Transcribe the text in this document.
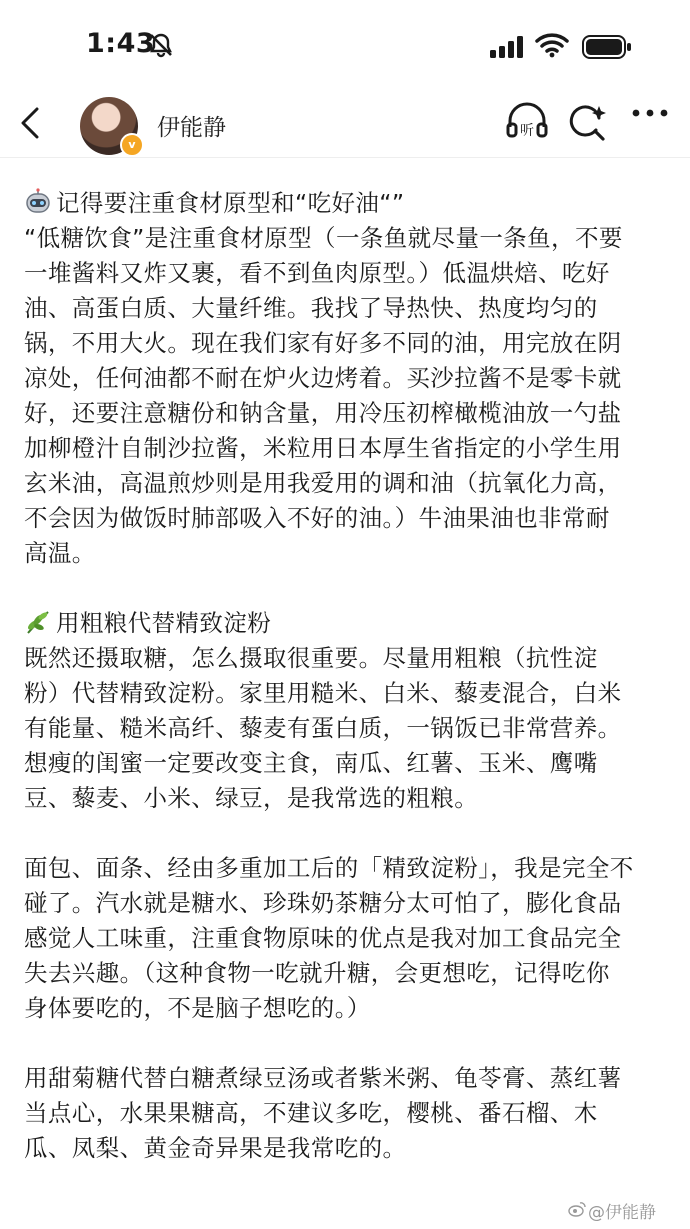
1:43
v
伊能静	听

记得要注重食材原型和“吃好油“”

“低糖饮食”是注重食材原型（一条鱼就尽量一条鱼，不要

一堆酱料又炸又裹，看不到鱼肉原型。）低温烘焙、吃好

油、高蛋白质、大量纤维。我找了导热快、热度均匀的

锅，不用大火。现在我们家有好多不同的油，用完放在阴

凉处，任何油都不耐在炉火边烤着。买沙拉酱不是零卡就

好，还要注意糖份和钠含量，用冷压初榨橄榄油放一勺盐

加柳橙汁自制沙拉酱，米粒用日本厚生省指定的小学生用

玄米油，高温煎炒则是用我爱用的调和油（抗氧化力高，

不会因为做饭时肺部吸入不好的油。）牛油果油也非常耐

高温。

用粗粮代替精致淀粉

既然还摄取糖，怎么摄取很重要。尽量用粗粮（抗性淀

粉）代替精致淀粉。家里用糙米、白米、藜麦混合，白米

有能量、糙米高纤、藜麦有蛋白质，一锅饭已非常营养。

想瘦的闺蜜一定要改变主食，南瓜、红薯、玉米、鹰嘴

豆、藜麦、小米、绿豆，是我常选的粗粮。

面包、面条、经由多重加工后的「精致淀粉」，我是完全不

碰了。汽水就是糖水、珍珠奶茶糖分太可怕了，膨化食品

感觉人工味重，注重食物原味的优点是我对加工食品完全

失去兴趣。（这种食物一吃就升糖，会更想吃，记得吃你

身体要吃的，不是脑子想吃的。）

用甜菊糖代替白糖煮绿豆汤或者紫米粥、龟苓膏、蒸红薯

当点心，水果果糖高，不建议多吃，樱桃、番石榴、木

瓜、凤梨、黄金奇异果是我常吃的。

@伊能静
